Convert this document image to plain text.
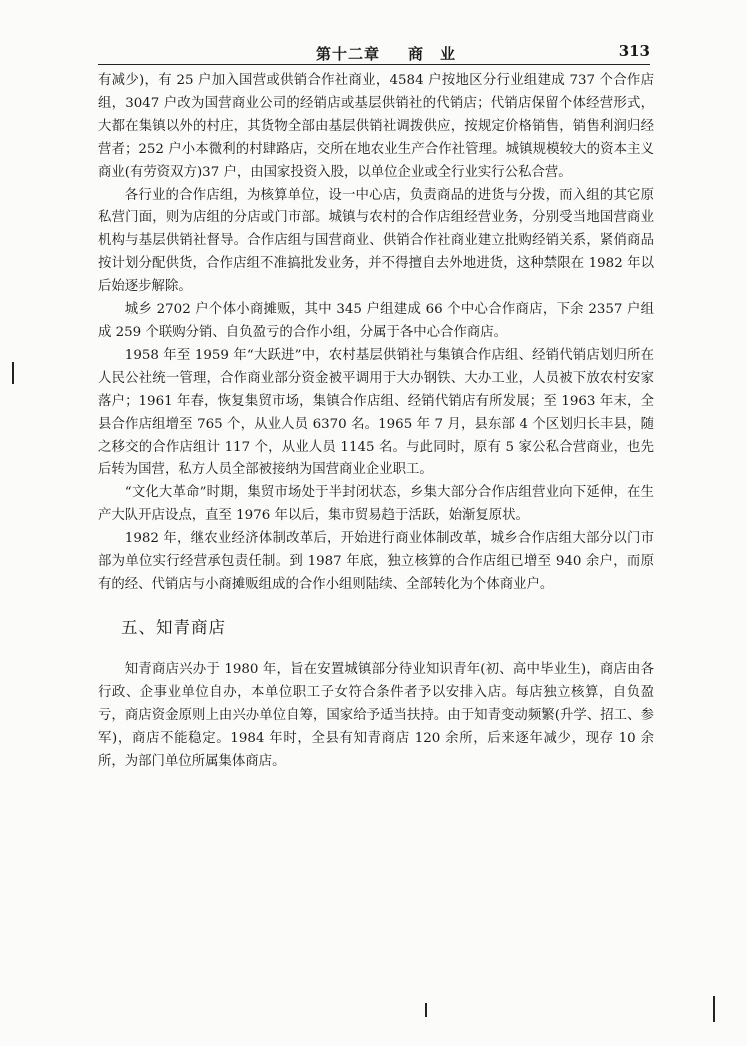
第十二章 商　业	313

有减少)，有 25 户加入国营或供销合作社商业，4584 户按地区分行业组建成 737 个合作店组，3047 户改为国营商业公司的经销店或基层供销社的代销店；代销店保留个体经营形式，大都在集镇以外的村庄，其货物全部由基层供销社调拨供应，按规定价格销售，销售利润归经营者；252 户小本微利的村肆路店，交所在地农业生产合作社管理。城镇规模较大的资本主义商业(有劳资双方)37 户，由国家投资入股，以单位企业或全行业实行公私合营。

各行业的合作店组，为核算单位，设一中心店，负责商品的进货与分拨，而入组的其它原私营门面，则为店组的分店或门市部。城镇与农村的合作店组经营业务，分别受当地国营商业机构与基层供销社督导。合作店组与国营商业、供销合作社商业建立批购经销关系，紧俏商品按计划分配供货，合作店组不准搞批发业务，并不得擅自去外地进货，这种禁限在 1982 年以后始逐步解除。

城乡 2702 户个体小商摊贩，其中 345 户组建成 66 个中心合作商店，下余 2357 户组成 259 个联购分销、自负盈亏的合作小组，分属于各中心合作商店。

1958 年至 1959 年“大跃进”中，农村基层供销社与集镇合作店组、经销代销店划归所在人民公社统一管理，合作商业部分资金被平调用于大办钢铁、大办工业，人员被下放农村安家落户；1961 年春，恢复集贸市场，集镇合作店组、经销代销店有所发展；至 1963 年末，全县合作店组增至 765 个，从业人员 6370 名。1965 年 7 月，县东部 4 个区划归长丰县，随之移交的合作店组计 117 个，从业人员 1145 名。与此同时，原有 5 家公私合营商业，也先后转为国营，私方人员全部被接纳为国营商业企业职工。

“文化大革命”时期，集贸市场处于半封闭状态，乡集大部分合作店组营业向下延伸，在生产大队开店设点，直至 1976 年以后，集市贸易趋于活跃，始渐复原状。

1982 年，继农业经济体制改革后，开始进行商业体制改革，城乡合作店组大部分以门市部为单位实行经营承包责任制。到 1987 年底，独立核算的合作店组已增至 940 余户，而原有的经、代销店与小商摊贩组成的合作小组则陆续、全部转化为个体商业户。

五、知青商店

知青商店兴办于 1980 年，旨在安置城镇部分待业知识青年(初、高中毕业生)，商店由各行政、企事业单位自办，本单位职工子女符合条件者予以安排入店。每店独立核算，自负盈亏，商店资金原则上由兴办单位自筹，国家给予适当扶持。由于知青变动频繁(升学、招工、参军)，商店不能稳定。1984 年时，全县有知青商店 120 余所，后来逐年减少，现存 10 余所，为部门单位所属集体商店。
